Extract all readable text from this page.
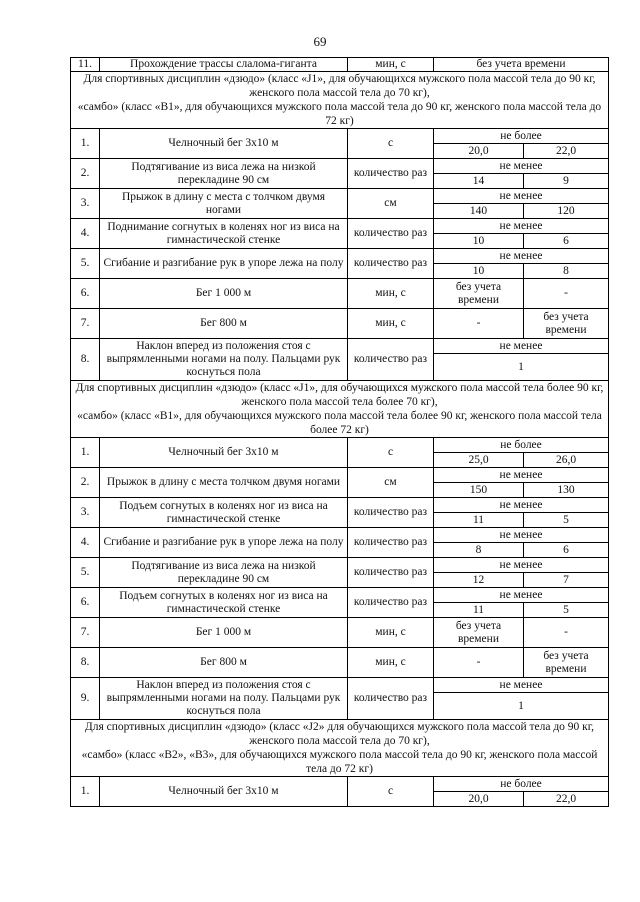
69
11.	Прохождение трассы слалома-гиганта	мин, с	без учета времени	

Для спортивных дисциплин «дзюдо» (класс «J1», для обучающихся мужского пола массой тела до 90 кг, женского пола массой тела до 70 кг),
«самбо» (класс «B1», для обучающихся мужского пола массой тела до 90 кг, женского пола массой тела до 72 кг)				

1.	Челночный бег 3х10 м	с	не более	
			20,0	22,0
2.	Подтягивание из виса лежа на низкой перекладине 90 см	количество раз	не менее	
			14	9
3.	Прыжок в длину с места с толчком двумя ногами	см	не менее	
			140	120
4.	Поднимание согнутых в коленях ног из виса на гимнастической стенке	количество раз	не менее	
			10	6
5.	Сгибание и разгибание рук в упоре лежа на полу	количество раз	не менее	
			10	8
6.	Бег 1 000 м	мин, с	без учета времени	-
7.	Бег 800 м	мин, с	-	без учета времени
8.	Наклон вперед из положения стоя с выпрямленными ногами на полу. Пальцами рук коснуться пола	количество раз	не менее	
			1	

Для спортивных дисциплин «дзюдо» (класс «J1», для обучающихся мужского пола массой тела более 90 кг, женского пола массой тела более 70 кг),
«самбо» (класс «B1», для обучающихся мужского пола массой тела более 90 кг, женского пола массой тела более 72 кг)				

1.	Челночный бег 3х10 м	с	не более	
			25,0	26,0
2.	Прыжок в длину с места толчком двумя ногами	см	не менее	
			150	130
3.	Подъем согнутых в коленях ног из виса на гимнастической стенке	количество раз	не менее	
			11	5
4.	Сгибание и разгибание рук в упоре лежа на полу	количество раз	не менее	
			8	6
5.	Подтягивание из виса лежа на низкой перекладине 90 см	количество раз	не менее	
			12	7
6.	Подъем согнутых в коленях ног из виса на гимнастической стенке	количество раз	не менее	
			11	5
7.	Бег 1 000 м	мин, с	без учета времени	-
8.	Бег 800 м	мин, с	-	без учета времени
9.	Наклон вперед из положения стоя с выпрямленными ногами на полу. Пальцами рук коснуться пола	количество раз	не менее	
			1	

Для спортивных дисциплин «дзюдо» (класс «J2» для обучающихся мужского пола массой тела до 90 кг, женского пола массой тела до 70 кг),
«самбо» (класс «B2», «B3», для обучающихся мужского пола массой тела до 90 кг, женского пола массой тела до 72 кг)				

1.	Челночный бег 3х10 м	с	не более	
			20,0	22,0
